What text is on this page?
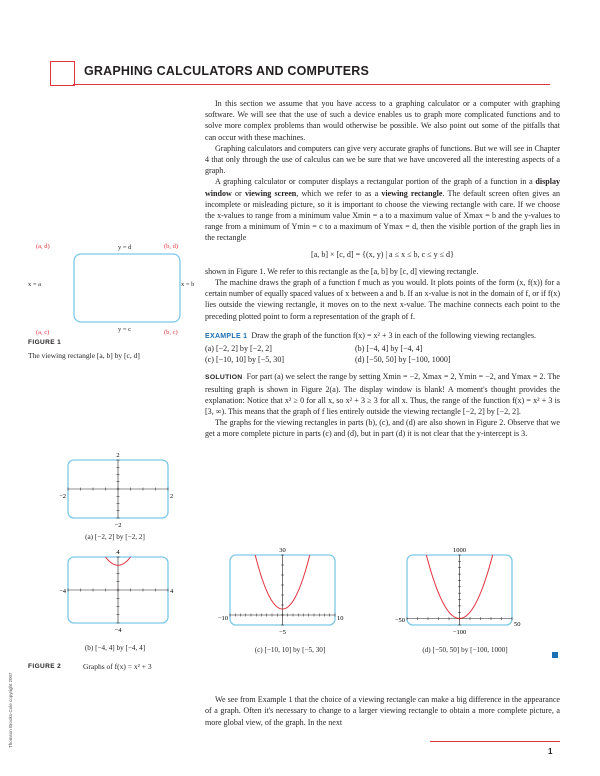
GRAPHING CALCULATORS AND COMPUTERS

In this section we assume that you have access to a graphing calculator or a computer with graphing software. We will see that the use of such a device enables us to graph more complicated functions and to solve more complex problems than would otherwise be possible. We also point out some of the pitfalls that can occur with these machines.

Graphing calculators and computers can give very accurate graphs of functions. But we will see in Chapter 4 that only through the use of calculus can we be sure that we have uncovered all the interesting aspects of a graph.

A graphing calculator or computer displays a rectangular portion of the graph of a function in a display window or viewing screen, which we refer to as a viewing rectangle. The default screen often gives an incomplete or misleading picture, so it is important to choose the viewing rectangle with care. If we choose the x-values to range from a minimum value Xmin = a to a maximum value of Xmax = b and the y-values to range from a minimum of Ymin = c to a maximum of Ymax = d, then the visible portion of the graph lies in the rectangle

[a, b] × [c, d] = {(x, y) | a ≤ x ≤ b, c ≤ y ≤ d}

shown in Figure 1. We refer to this rectangle as the [a, b] by [c, d] viewing rectangle.

The machine draws the graph of a function f much as you would. It plots points of the form (x, f(x)) for a certain number of equally spaced values of x between a and b. If an x-value is not in the domain of f, or if f(x) lies outside the viewing rectangle, it moves on to the next x-value. The machine connects each point to the preceding plotted point to form a representation of the graph of f.

EXAMPLE 1 Draw the graph of the function f(x) = x² + 3 in each of the following viewing rectangles.

(a) [−2, 2] by [−2, 2]	(b) [−4, 4] by [−4, 4]
(c) [−10, 10] by [−5, 30]	(d) [−50, 50] by [−100, 1000]

SOLUTION For part (a) we select the range by setting Xmin = −2, Xmax = 2, Ymin = −2, and Ymax = 2. The resulting graph is shown in Figure 2(a). The display window is blank! A moment's thought provides the explanation: Notice that x² ≥ 0 for all x, so x² + 3 ≥ 3 for all x. Thus, the range of the function f(x) = x² + 3 is [3, ∞). This means that the graph of f lies entirely outside the viewing rectangle [−2, 2] by [−2, 2].

The graphs for the viewing rectangles in parts (b), (c), and (d) are also shown in Figure 2. Observe that we get a more complete picture in parts (c) and (d), but in part (d) it is not clear that the y-intercept is 3.

(a, d)	(b, d)
(a, c)	(b, c)
y = d
y = c
x = a	x = b
FIGURE 1
The viewing rectangle [a, b] by [c, d]
2
−2
−2	2
(a) [−2, 2] by [−2, 2]
4
−4
−4	4
(b) [−4, 4] by [−4, 4]
30
−5
−10	10
(c) [−10, 10] by [−5, 30]
1000
−100
−50
50
(d) [−50, 50] by [−100, 1000]
FIGURE 2	Graphs of f(x) = x² + 3

We see from Example 1 that the choice of a viewing rectangle can make a big difference in the appearance of a graph. Often it's necessary to change to a larger viewing rectangle to obtain a more complete picture, a more global view, of the graph. In the next

Thomson Brooks-Cole copyright 2007
1
